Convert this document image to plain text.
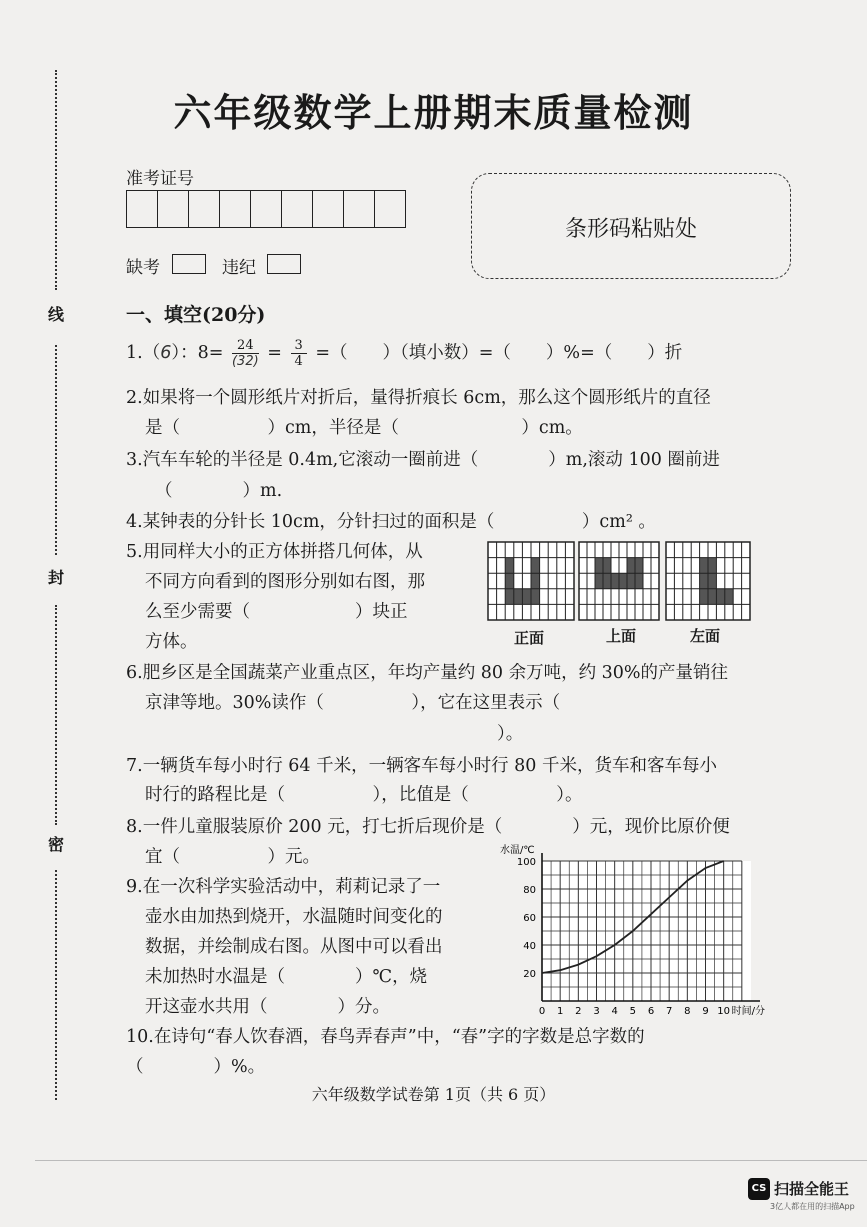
线
封
密
六年级数学上册期末质量检测
准考证号
缺考	违纪
条形码粘贴处
一、填空(20分)
1.（6）：$8= \frac{24}{(32)} = \frac{3}{4}$ =（　　）（填小数）=（　　）%=（　　）折
2.如果将一个圆形纸片对折后，量得折痕长 6cm，那么这个圆形纸片的直径
是（　　　　　）cm，半径是（　　　　　　　）cm。
3.汽车车轮的半径是 0.4m,它滚动一圈前进（　　　　）m,滚动 100 圈前进
（　　　　）m.
4.某钟表的分针长 10cm，分针扫过的面积是（　　　　　）cm² 。
5.用同样大小的正方体拼搭几何体，从
不同方向看到的图形分别如右图，那
么至少需要（　　　　　　）块正
方体。	正面	上面	左面
6.肥乡区是全国蔬菜产业重点区，年均产量约 80 余万吨，约 30%的产量销往
京津等地。30%读作（　　　　　），它在这里表示（
）。
7.一辆货车每小时行 64 千米，一辆客车每小时行 80 千米，货车和客车每小
时行的路程比是（　　　　　），比值是（　　　　　）。
8.一件儿童服装原价 200 元，打七折后现价是（　　　　）元，现价比原价便
宜（　　　　　）元。
9.在一次科学实验活动中，莉莉记录了一
壶水由加热到烧开，水温随时间变化的
数据，并绘制成右图。从图中可以看出
未加热时水温是（　　　　）℃，烧
开这壶水共用（　　　　）分。	0 1 2 3 4 5 6 7 8 9 10
20
40
60
80
100
水温/℃
时间/分
10.在诗句“春人饮春酒，春鸟弄春声”中，“春”字的字数是总字数的
（　　　　）%。
六年级数学试卷第 1页（共 6 页）
CS 扫描全能王
3亿人都在用的扫描App
